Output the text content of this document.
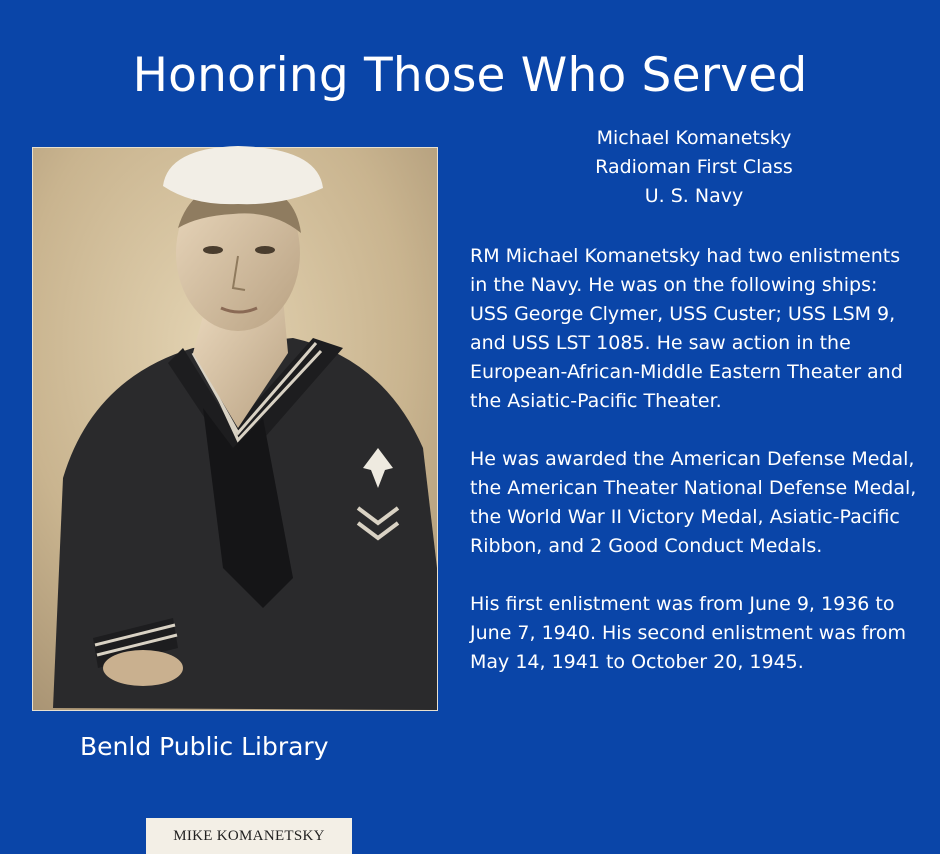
Honoring Those Who Served
MIKE KOMANETSKY
Michael Komanetsky
Radioman First Class
U. S. Navy

RM Michael Komanetsky had two enlistments in the Navy. He was on the following ships: USS George Clymer, USS Custer; USS LSM 9, and USS LST 1085. He saw action in the European-African-Middle Eastern Theater and the Asiatic-Pacific Theater.

He was awarded the American Defense Medal, the American Theater National Defense Medal, the World War II Victory Medal, Asiatic-Pacific Ribbon, and 2 Good Conduct Medals.

His first enlistment was from June 9, 1936 to June 7, 1940. His second enlistment was from May 14, 1941 to October 20, 1945.

Benld Public Library
